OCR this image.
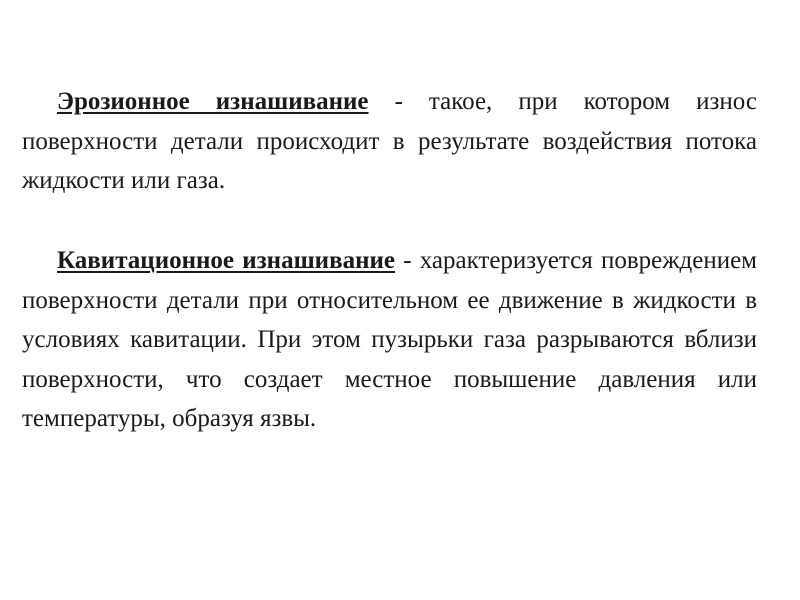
Эрозионное изнашивание - такое, при котором износ поверхности детали происходит в результате воздействия потока жидкости или газа.

Кавитационное изнашивание - характеризуется повреждением поверхности детали при относительном ее движение в жидкости в условиях кавитации. При этом пузырьки газа разрываются вблизи поверхности, что создает местное повышение давления или температуры, образуя язвы.
